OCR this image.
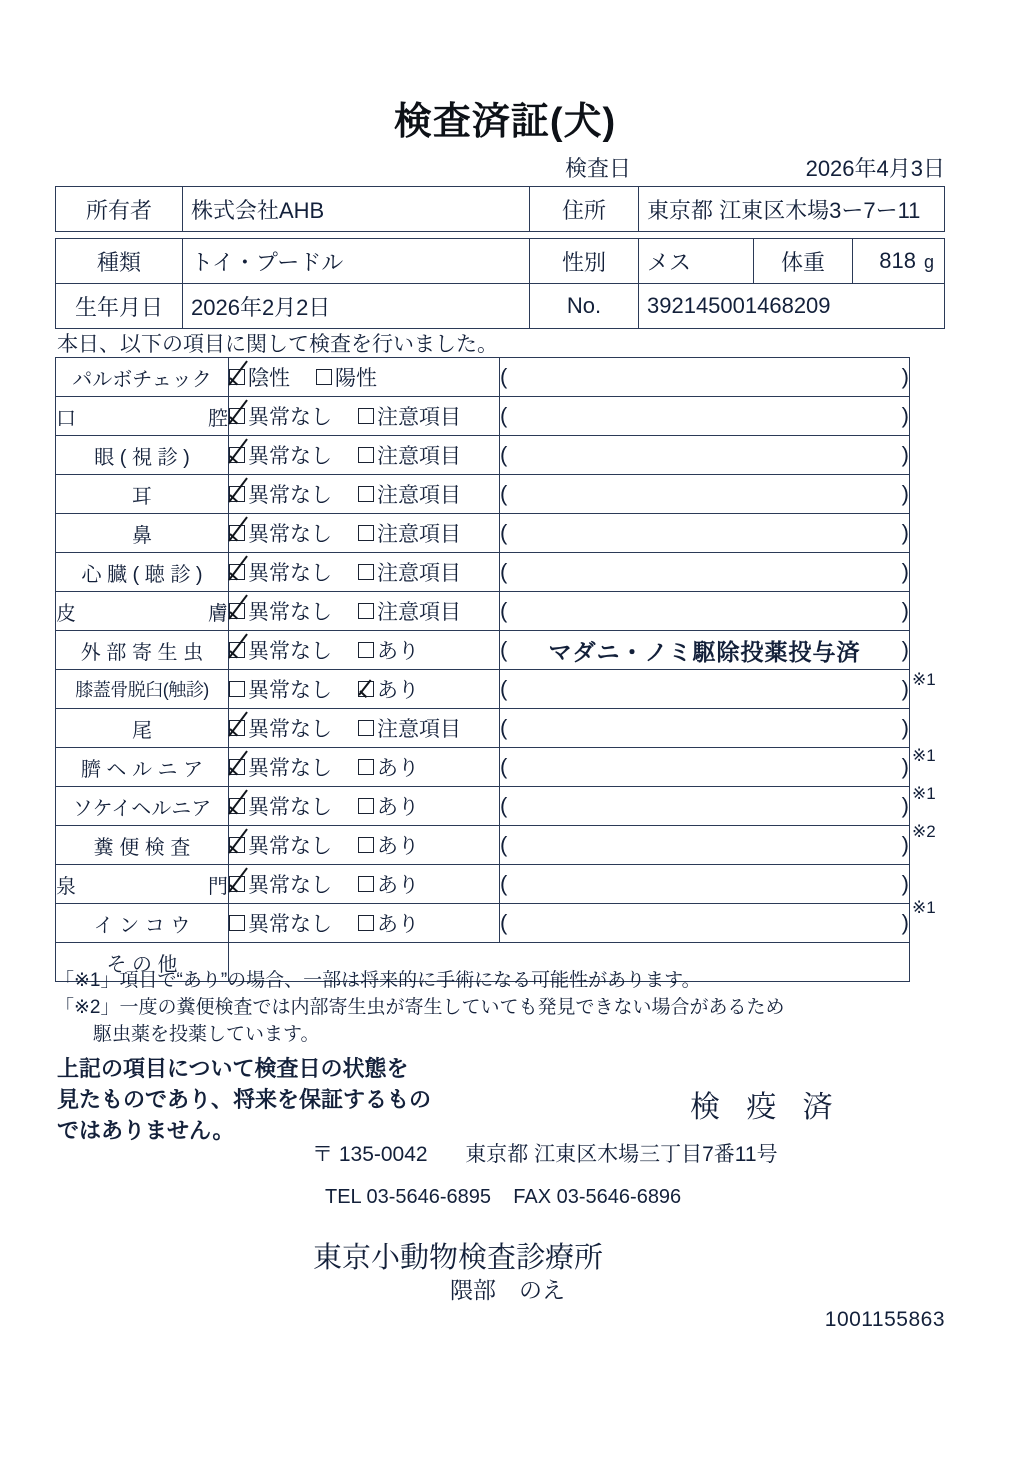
検査済証(犬)
検査日	2026年4月3日
所有者	株式会社AHB	住所	東京都 江東区木場3ー7ー11
種類	トイ・プードル	性別	メス	体重	818 g
生年月日	2026年2月2日	No.	392145001468209		
本日、以下の項目に関して検査を行いました。
パルボチェック	陰性 陽性	(	)

口	腔	異常なし 注意項目	(	)

眼 ( 視 診 )	異常なし 注意項目	(	)

耳	異常なし 注意項目	(	)

鼻	異常なし 注意項目	(	)

心 臓 ( 聴 診 )	異常なし 注意項目	(	)

皮	膚	異常なし 注意項目	(	)

外 部 寄 生 虫	異常なし あり	(	マダニ・ノミ駆除投薬投与済	)

膝蓋骨脱臼(触診)	異常なし あり	(	)

尾	異常なし 注意項目	(	)

臍 ヘ ル ニ ア	異常なし あり	(	)

ソケイヘルニア	異常なし あり	(	)

糞 便 検 査	異常なし あり	(	)

泉	門	異常なし あり	(	)

イ ン コ ウ	異常なし あり	(	)

そ の 他		

※1
※1
※1
※2
※1
「※1」項目で“あり”の場合、一部は将来的に手術になる可能性があります。
「※2」一度の糞便検査では内部寄生虫が寄生していても発見できない場合があるため
駆虫薬を投薬しています。
上記の項目について検査日の状態を
見たものであり、将来を保証するもの
ではありません。
検 疫 済
〒 135-0042 東京都 江東区木場三丁目7番11号
TEL 03-5646-6895 FAX 03-5646-6896
東京小動物検査診療所
隈部　のえ
1001155863
